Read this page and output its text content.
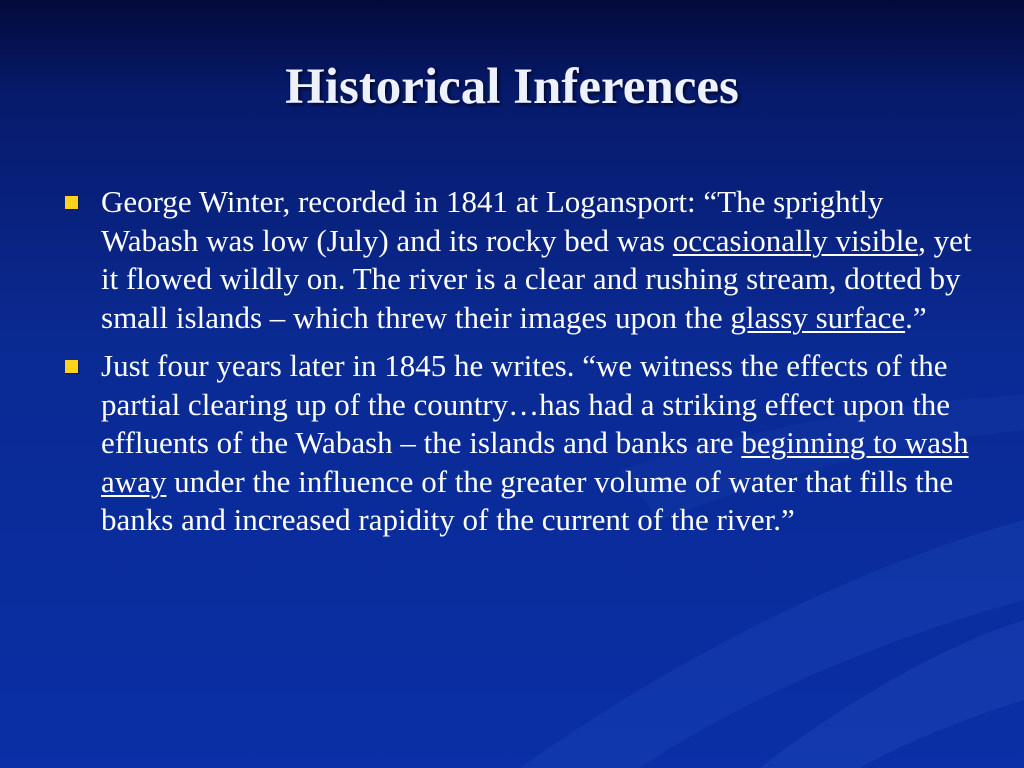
Historical Inferences
George Winter, recorded in 1841 at Logansport: “The sprightly Wabash was low (July) and its rocky bed was occasionally visible, yet it flowed wildly on. The river is a clear and rushing stream, dotted by small islands – which threw their images upon the glassy surface.”
Just four years later in 1845 he writes. “we witness the effects of the partial clearing up of the country…has had a striking effect upon the effluents of the Wabash – the islands and banks are beginning to wash away under the influence of the greater volume of water that fills the banks and increased rapidity of the current of the river.”
